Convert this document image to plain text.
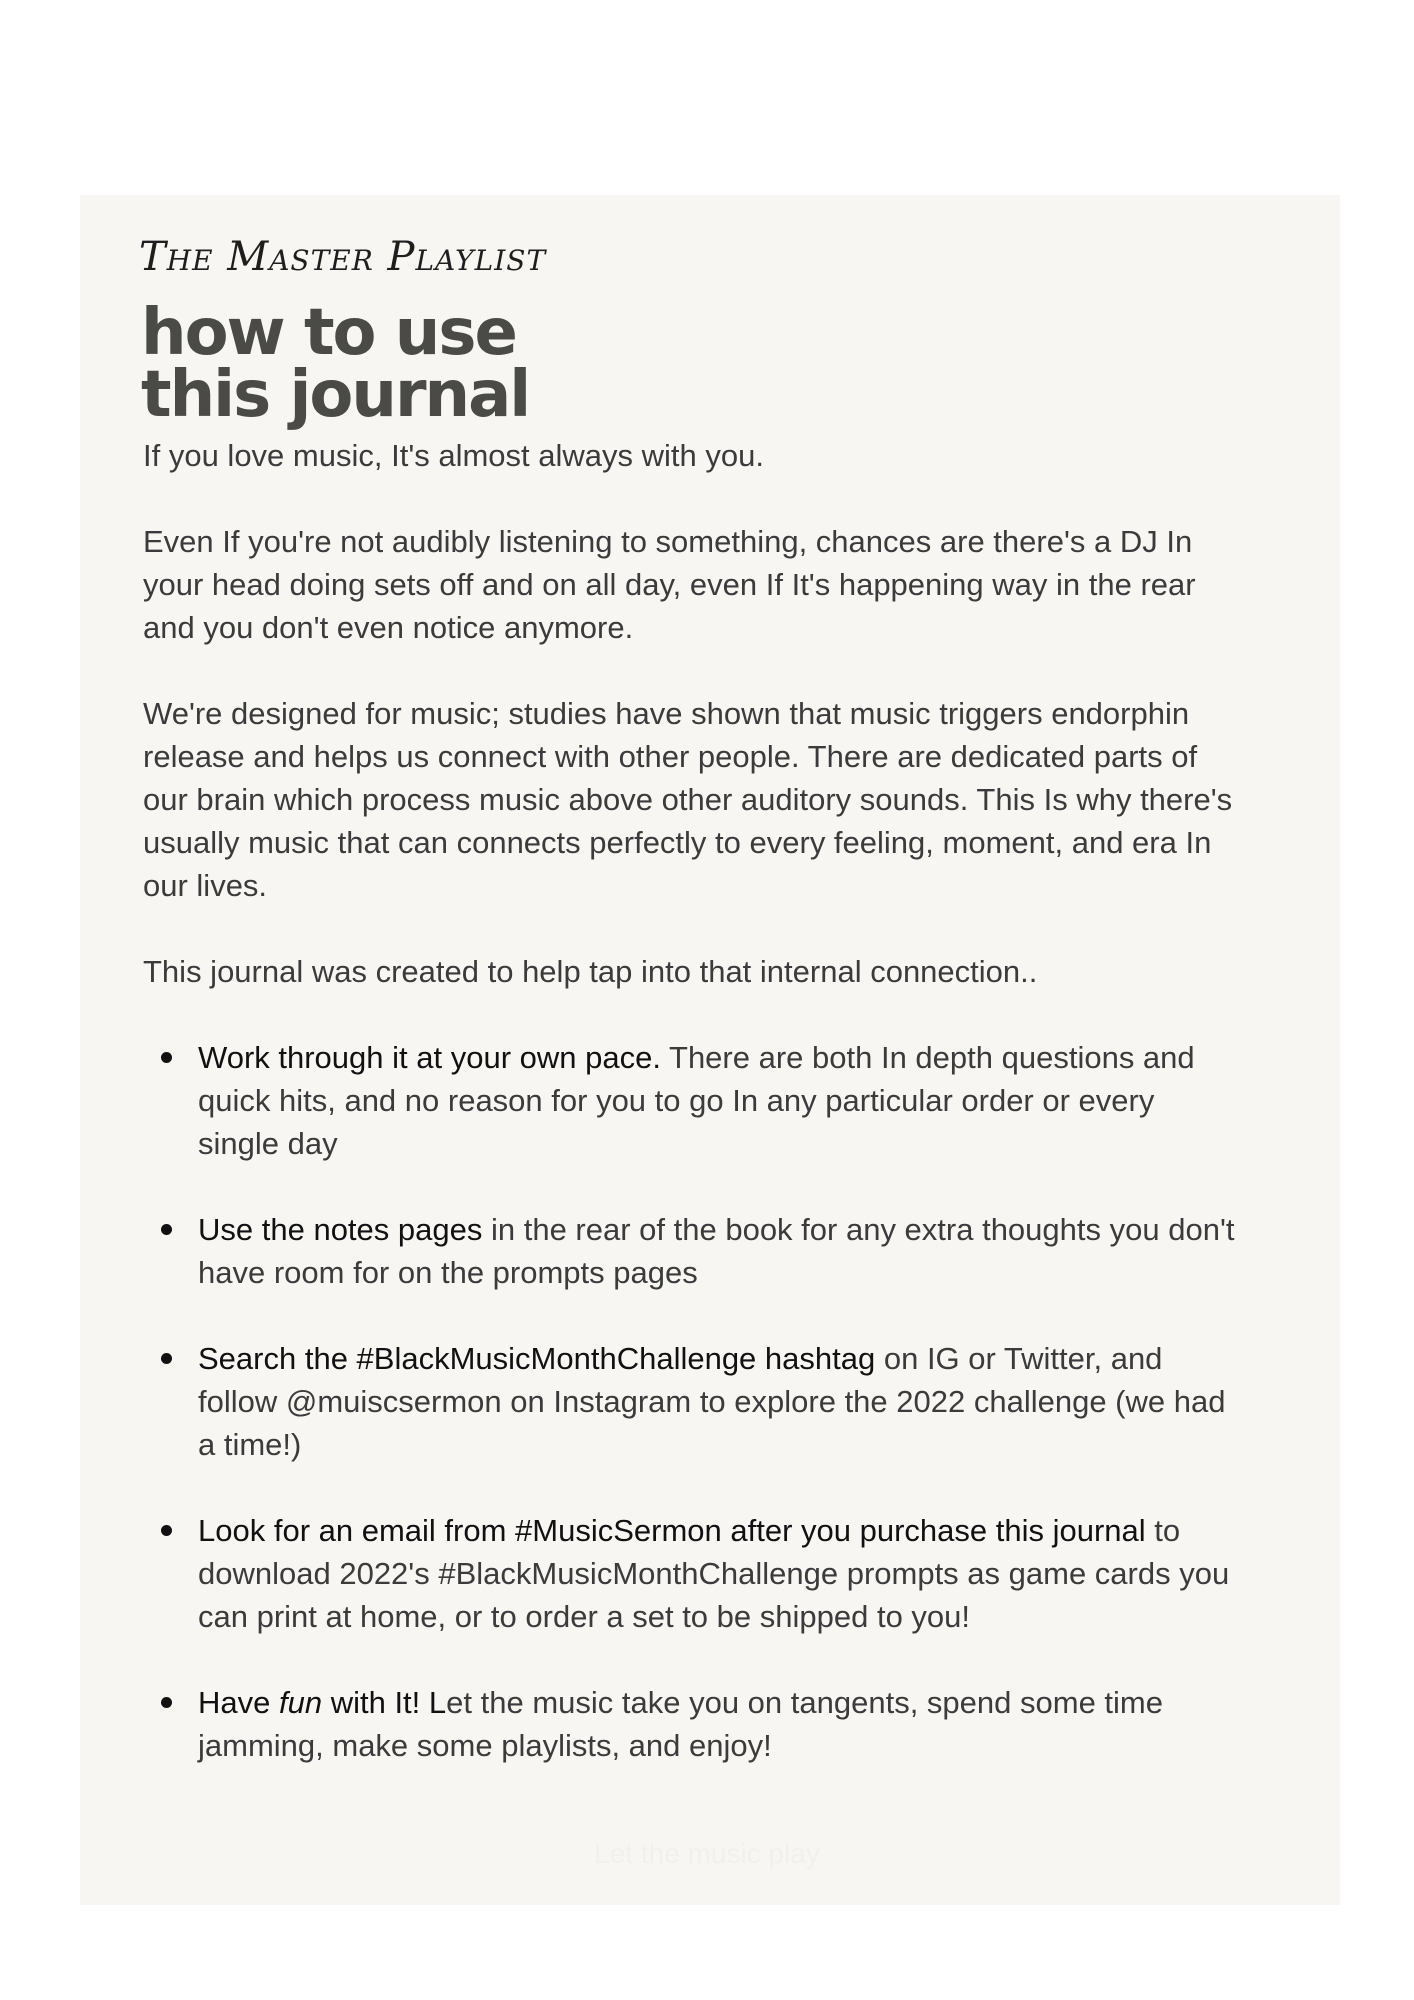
The Master Playlist
how to use
this journal

If you love music, It's almost always with you.

Even If you're not audibly listening to something, chances are there's a DJ In your head doing sets off and on all day, even If It's happening way in the rear and you don't even notice anymore.

We're designed for music; studies have shown that music triggers endorphin release and helps us connect with other people. There are dedicated parts of our brain which process music above other auditory sounds. This Is why there's usually music that can connects perfectly to every feeling, moment, and era In our lives.

This journal was created to help tap into that internal connection..

Work through it at your own pace. There are both In depth questions and quick hits, and no reason for you to go In any particular order or every single day
Use the notes pages in the rear of the book for any extra thoughts you don't have room for on the prompts pages
Search the #BlackMusicMonthChallenge hashtag on IG or Twitter, and follow @muiscsermon on Instagram to explore the 2022 challenge (we had a time!)
Look for an email from #MusicSermon after you purchase this journal to download 2022's #BlackMusicMonthChallenge prompts as game cards you can print at home, or to order a set to be shipped to you!
Have fun with It! Let the music take you on tangents, spend some time jamming, make some playlists, and enjoy!
Let the music play
